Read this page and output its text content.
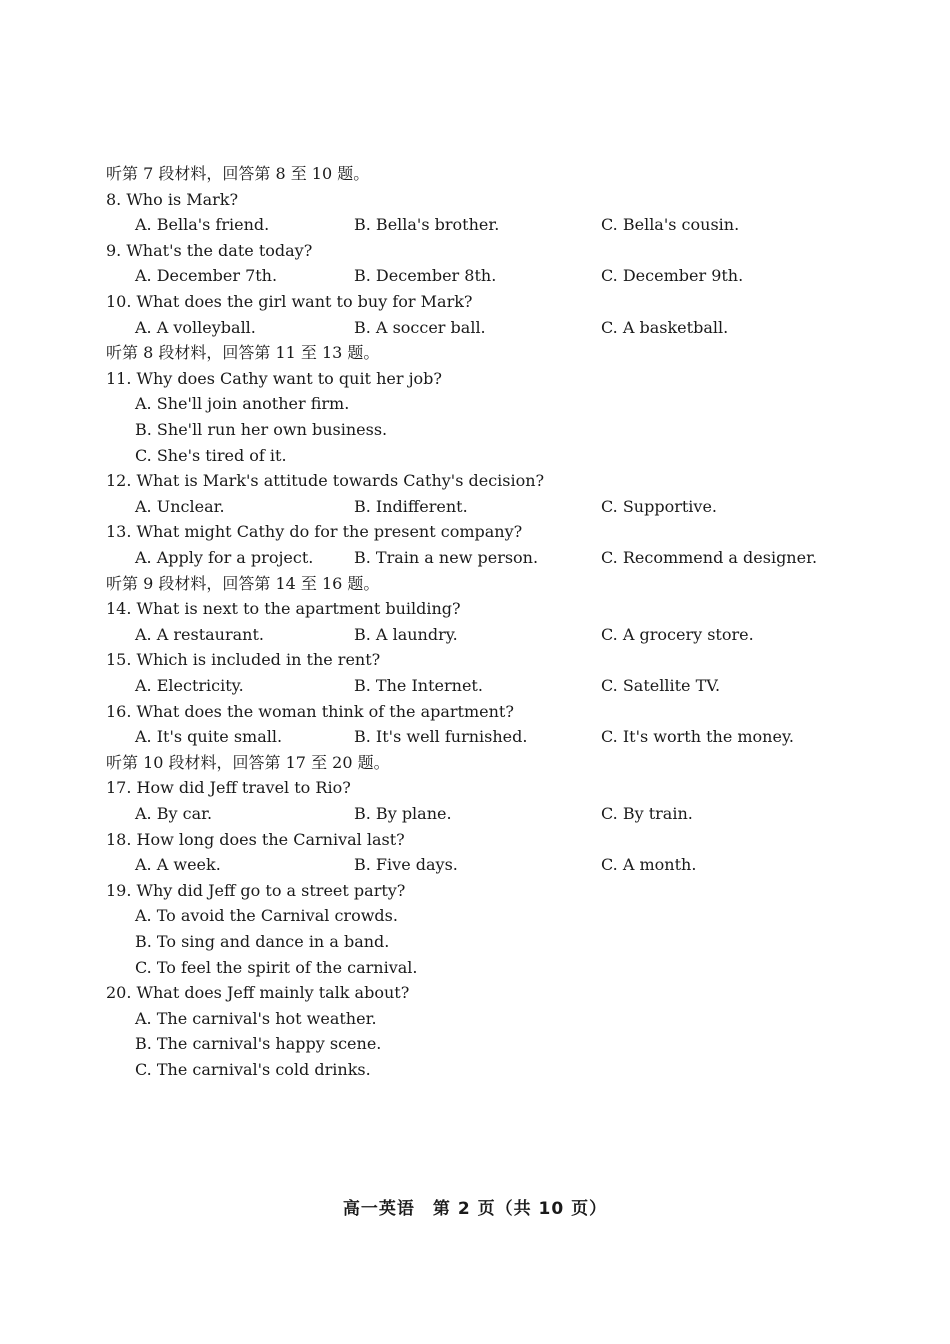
听第 7 段材料，回答第 8 至 10 题。
8. Who is Mark?
A. Bella's friend.	B. Bella's brother.	C. Bella's cousin.
9. What's the date today?
A. December 7th.	B. December 8th.	C. December 9th.
10. What does the girl want to buy for Mark?
A. A volleyball.	B. A soccer ball.	C. A basketball.
听第 8 段材料，回答第 11 至 13 题。
11. Why does Cathy want to quit her job?
A. She'll join another firm.
B. She'll run her own business.
C. She's tired of it.
12. What is Mark's attitude towards Cathy's decision?
A. Unclear.	B. Indifferent.	C. Supportive.
13. What might Cathy do for the present company?
A. Apply for a project.	B. Train a new person.	C. Recommend a designer.
听第 9 段材料，回答第 14 至 16 题。
14. What is next to the apartment building?
A. A restaurant.	B. A laundry.	C. A grocery store.
15. Which is included in the rent?
A. Electricity.	B. The Internet.	C. Satellite TV.
16. What does the woman think of the apartment?
A. It's quite small.	B. It's well furnished.	C. It's worth the money.
听第 10 段材料，回答第 17 至 20 题。
17. How did Jeff travel to Rio?
A. By car.	B. By plane.	C. By train.
18. How long does the Carnival last?
A. A week.	B. Five days.	C. A month.
19. Why did Jeff go to a street party?
A. To avoid the Carnival crowds.
B. To sing and dance in a band.
C. To feel the spirit of the carnival.
20. What does Jeff mainly talk about?
A. The carnival's hot weather.
B. The carnival's happy scene.
C. The carnival's cold drinks.
高一英语　第 2 页（共 10 页）
